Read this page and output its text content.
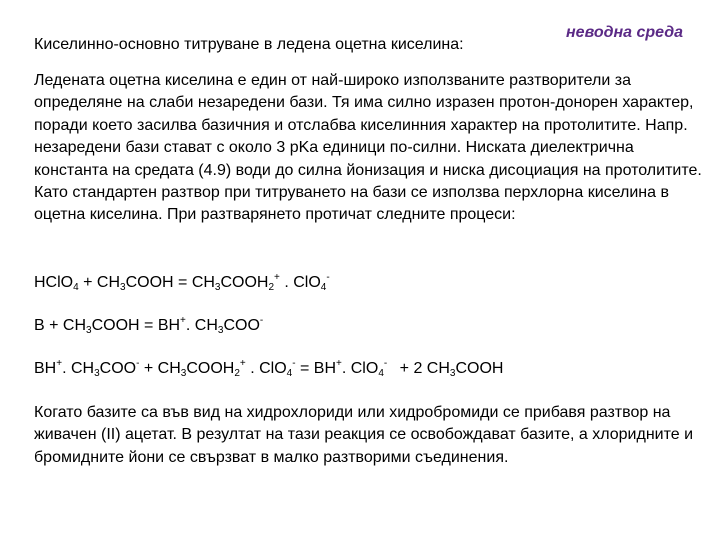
Киселинно-основно титруване в ледена оцетна киселина:
неводна среда

Ледената оцетна киселина е един от най-широко използваните разтворители за определяне на слаби незаредени бази. Тя има силно изразен протон-донорен характер, поради което засилва базичния и отслабва киселинния характер на протолитите. Напр. незаредени бази стават с около 3 pKa единици по-силни. Ниската диелектрична константа на средата (4.9) води до силна йонизация и ниска дисоциация на протолитите. Като стандартен разтвор при титруването на бази се използва перхлорна киселина в оцетна киселина. При разтварянето протичат следните процеси:

HClO$_4$ + $CH_3COOH$ = $CH_3COOH_2^+$ . ClO$_4$-
$B + CH_3COOH = BH^+$. $CH_3COO^-$
BH+. $CH_3COO^-$ + $CH_3COOH_2^+$ . ClO$_4$- = BH+. ClO$_4$- + 2 $CH_3COOH$

Когато базите са във вид на хидрохлориди или хидробромиди се прибавя разтвор на живачен (II) ацетат. В резултат на тази реакция се освобождават базите, а хлоридните и бромидните йони се свързват в малко разтворими съединения.
